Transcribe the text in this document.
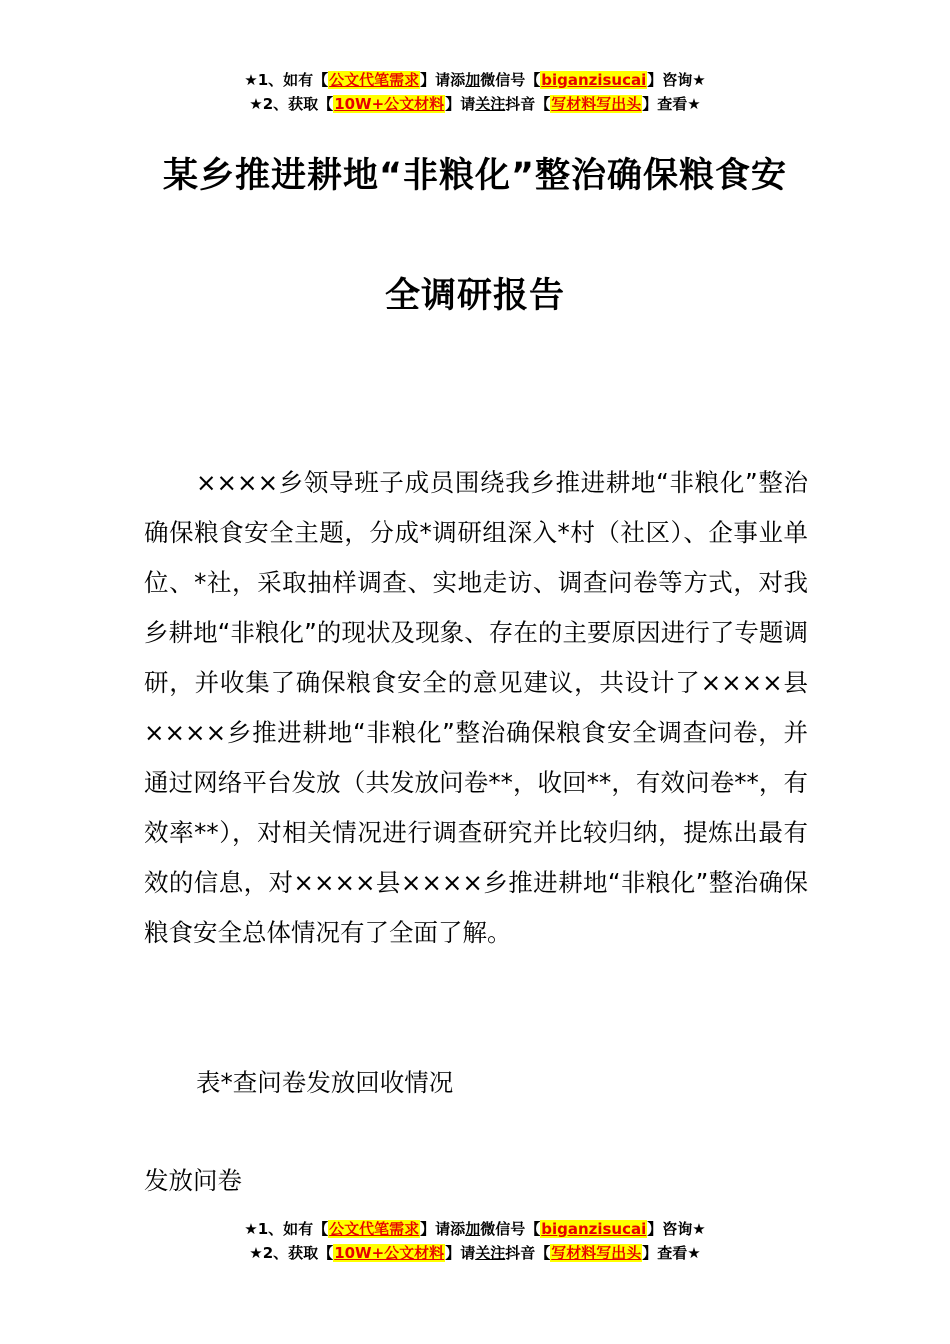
★1、如有【公文代笔需求】请添加微信号【biganzisucai】咨询★
★2、获取【10W+公文材料】请关注抖音【写材料写出头】查看★
某乡推进耕地“非粮化”整治确保粮食安
全调研报告
××××乡领导班子成员围绕我乡推进耕地“非粮化”整治确保粮食安全主题，分成*调研组深入*村（社区）、企事业单位、*社，采取抽样调查、实地走访、调查问卷等方式，对我乡耕地“非粮化”的现状及现象、存在的主要原因进行了专题调研，并收集了确保粮食安全的意见建议，共设计了××××县××××乡推进耕地“非粮化”整治确保粮食安全调查问卷，并通过网络平台发放（共发放问卷**，收回**，有效问卷**，有效率**），对相关情况进行调查研究并比较归纳，提炼出最有效的信息，对××××县××××乡推进耕地“非粮化”整治确保粮食安全总体情况有了全面了解。
表*查问卷发放回收情况
发放问卷
★1、如有【公文代笔需求】请添加微信号【biganzisucai】咨询★
★2、获取【10W+公文材料】请关注抖音【写材料写出头】查看★
